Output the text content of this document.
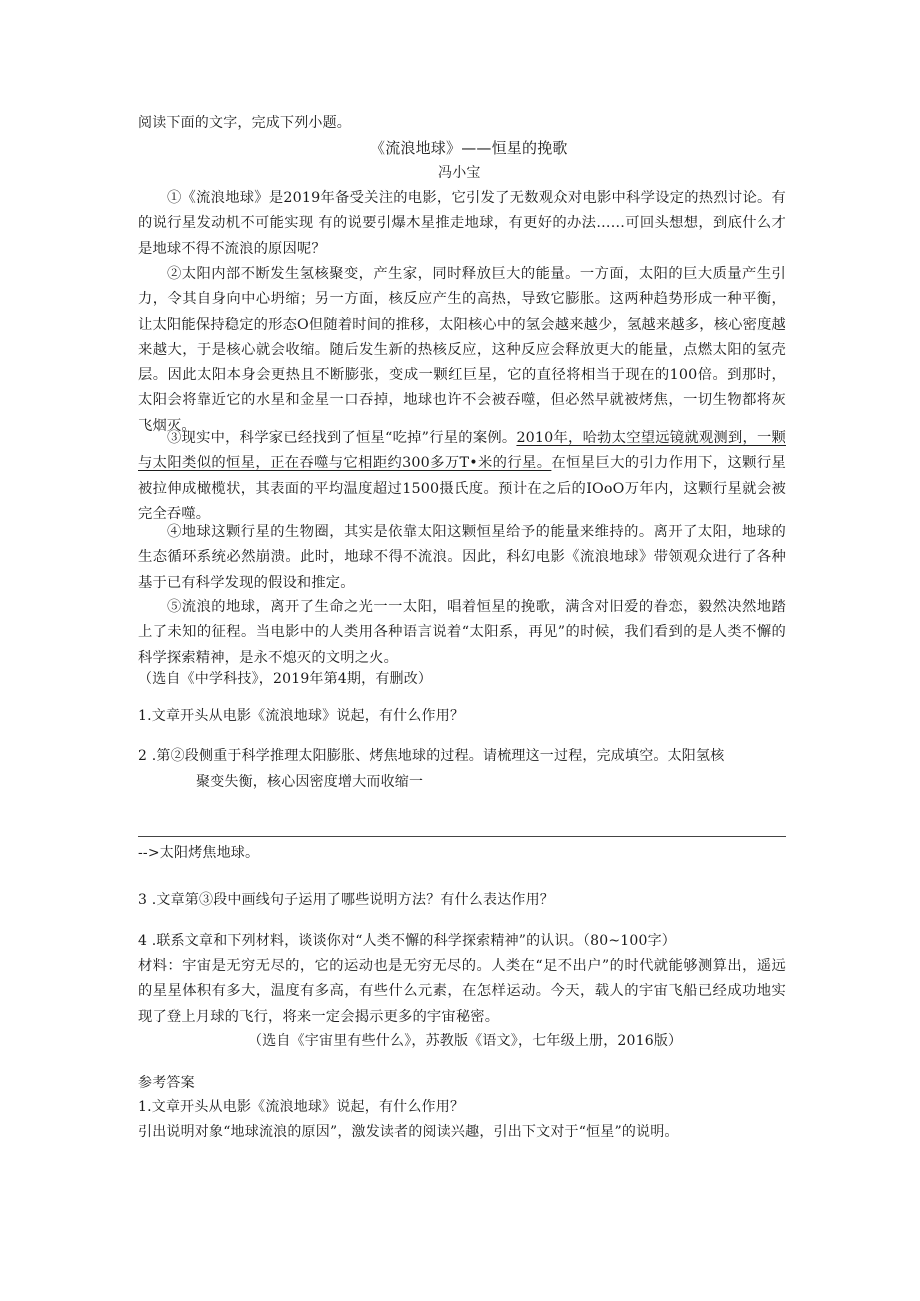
阅读下面的文字，完成下列小题。
《流浪地球》——恒星的挽歌
冯小宝
①《流浪地球》是2019年备受关注的电影，它引发了无数观众对电影中科学设定的热烈讨论。有的说行星发动机不可能实现 有的说要引爆木星推走地球，有更好的办法……可回头想想，到底什么才是地球不得不流浪的原因呢？
②太阳内部不断发生氢核聚变，产生家，同时释放巨大的能量。一方面，太阳的巨大质量产生引力，令其自身向中心坍缩；另一方面，核反应产生的高热，导致它膨胀。这两种趋势形成一种平衡，让太阳能保持稳定的形态O但随着时间的推移，太阳核心中的氢会越来越少，氢越来越多，核心密度越来越大，于是核心就会收缩。随后发生新的热核反应，这种反应会释放更大的能量，点燃太阳的氢壳层。因此太阳本身会更热且不断膨张，变成一颗红巨星，它的直径将相当于现在的100倍。到那时，太阳会将靠近它的水星和金星一口吞掉，地球也许不会被吞噬，但必然早就被烤焦，一切生物都将灰飞烟灭。
③现实中，科学家已经找到了恒星“吃掉”行星的案例。2010年，哈勃太空望远镜就观测到，一颗与太阳类似的恒星，正在吞噬与它相距约300多万T•米的行星。在恒星巨大的引力作用下，这颗行星被拉伸成橄榄状，其表面的平均温度超过1500摄氏度。预计在之后的IOoO万年内，这颗行星就会被完全吞噬。
④地球这颗行星的生物圈，其实是依靠太阳这颗恒星给予的能量来维持的。离开了太阳，地球的生态循环系统必然崩溃。此时，地球不得不流浪。因此，科幻电影《流浪地球》带领观众进行了各种基于已有科学发现的假设和推定。
⑤流浪的地球，离开了生命之光一一太阳，唱着恒星的挽歌，满含对旧爱的眷恋，毅然决然地踏上了未知的征程。当电影中的人类用各种语言说着“太阳系，再见”的时候，我们看到的是人类不懈的科学探索精神，是永不熄灭的文明之火。
（选自《中学科技》，2019年第4期，有删改）
1.文章开头从电影《流浪地球》说起，有什么作用？
2 .第②段侧重于科学推理太阳膨胀、烤焦地球的过程。请梳理这一过程，完成填空。太阳氢核
聚变失衡，核心因密度增大而收缩一
-->太阳烤焦地球。
3 .文章第③段中画线句子运用了哪些说明方法？有什么表达作用？
4 .联系文章和下列材料，谈谈你对“人类不懈的科学探索精神”的认识。（80~100字）
材料：宇宙是无穷无尽的，它的运动也是无穷无尽的。人类在“足不出户”的时代就能够测算出，遥远的星星体积有多大，温度有多高，有些什么元素，在怎样运动。今天，载人的宇宙飞船已经成功地实现了登上月球的飞行，将来一定会揭示更多的宇宙秘密。
（选自《宇宙里有些什么》，苏教版《语文》，七年级上册，2016版）
参考答案
1.文章开头从电影《流浪地球》说起，有什么作用？
引出说明对象“地球流浪的原因”，激发读者的阅读兴趣，引出下文对于“恒星”的说明。
